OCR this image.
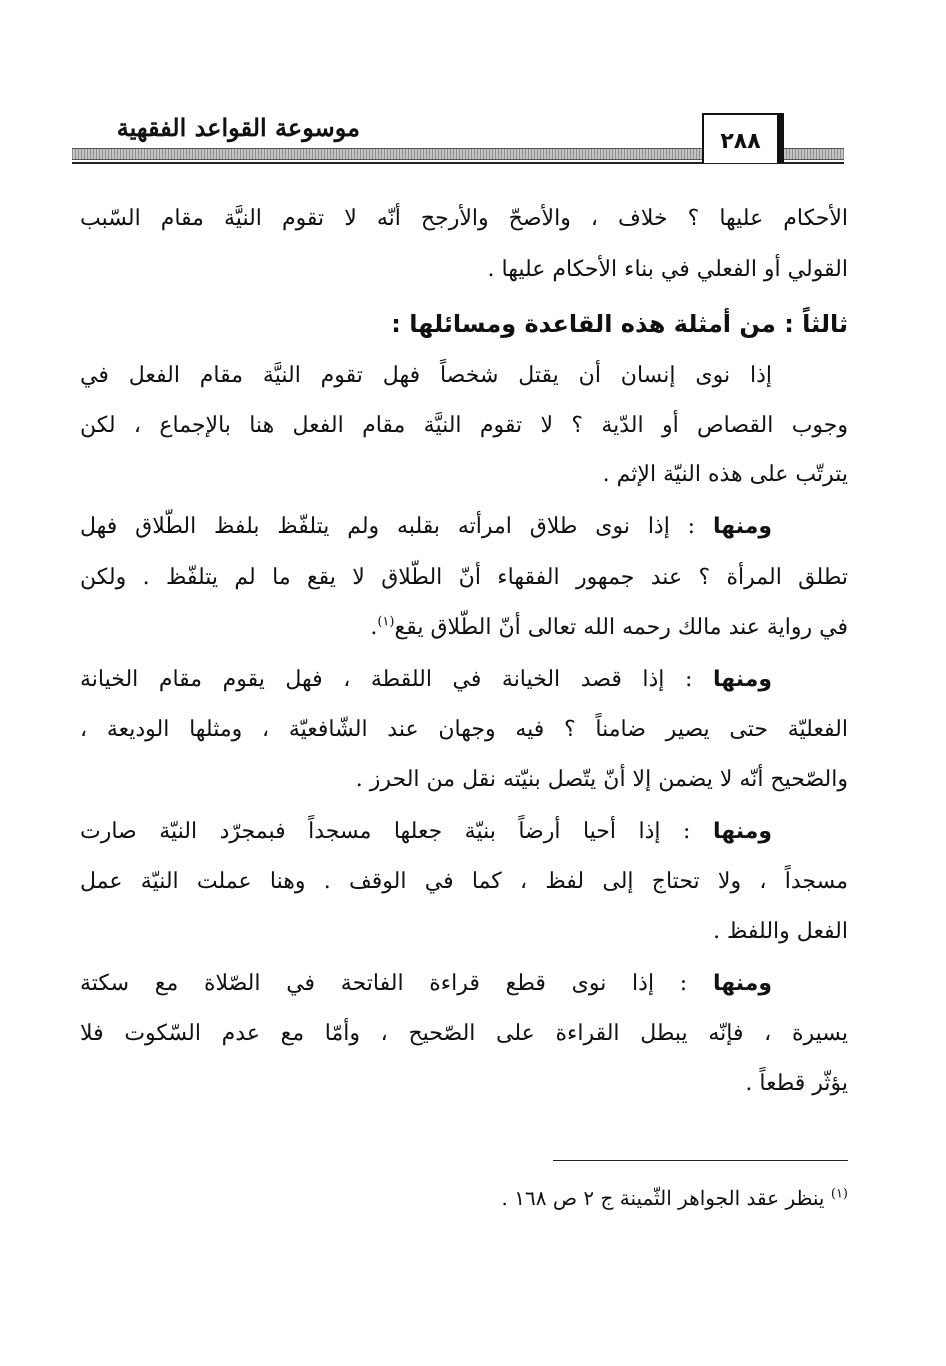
موسوعة القواعد الفقهية	٢٨٨
الأحكام عليها ؟ خلاف ، والأصحّ والأرجح أنّه لا تقوم النيَّة مقام السّبب
القولي أو الفعلي في بناء الأحكام عليها .
ثالثاً : من أمثلة هذه القاعدة ومسائلها :
إذا نوى إنسان أن يقتل شخصاً فهل تقوم النيَّة مقام الفعل في
وجوب القصاص أو الدّية ؟ لا تقوم النيَّة مقام الفعل هنا بالإجماع ، لكن
يترتّب على هذه النيّة الإثم .
ومنها : إذا نوى طلاق امرأته بقلبه ولم يتلفّظ بلفظ الطّلاق فهل
تطلق المرأة ؟ عند جمهور الفقهاء أنّ الطّلاق لا يقع ما لم يتلفّظ . ولكن
في رواية عند مالك رحمه الله تعالى أنّ الطّلاق يقع$^{(١)}$.
ومنها : إذا قصد الخيانة في اللقطة ، فهل يقوم مقام الخيانة
الفعليّة حتى يصير ضامناً ؟ فيه وجهان عند الشّافعيّة ، ومثلها الوديعة ،
والصّحيح أنّه لا يضمن إلا أنّ يتّصل بنيّته نقل من الحرز .
ومنها : إذا أحيا أرضاً بنيّة جعلها مسجداً فبمجرّد النيّة صارت
مسجداً ، ولا تحتاج إلى لفظ ، كما في الوقف . وهنا عملت النيّة عمل
الفعل واللفظ .
ومنها : إذا نوى قطع قراءة الفاتحة في الصّلاة مع سكتة
يسيرة ، فإنّه يبطل القراءة على الصّحيح ، وأمّا مع عدم السّكوت فلا
يؤثّر قطعاً .
$^{(١)}$ ينظر عقد الجواهر الثّمينة ج ٢ ص ١٦٨ .
